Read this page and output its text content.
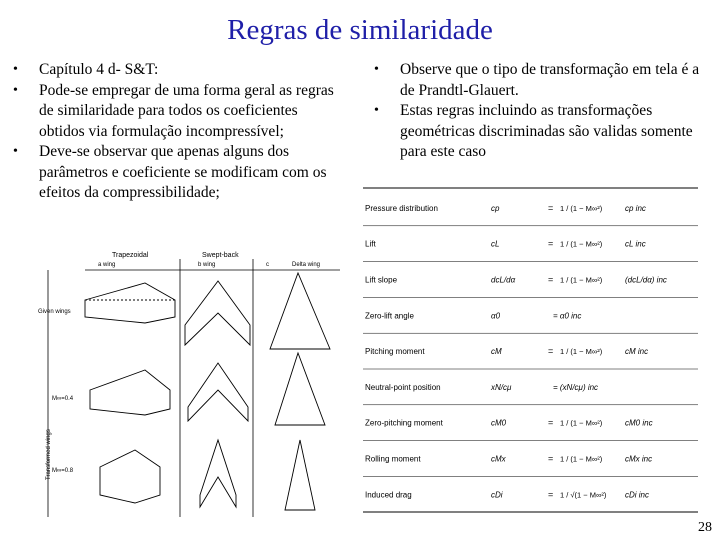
Regras de similaridade
• Capítulo 4 d- S&T:
• Pode-se empregar de uma forma geral as regras de similaridade para todos os coeficientes obtidos via formulação incompressível;
• Deve-se observar que apenas alguns dos parâmetros e coeficiente se modificam com os efeitos da compressibilidade;
• Observe que o tipo de transformação em tela é a de Prandtl-Glauert.
• Estas regras incluindo as transformações geométricas discriminadas são validas somente para este caso
Trapezoidal	Swept-back
a wing	b wing	c	Delta wing
Given wings
Transformed wings
M∞=0.4
M∞=0.8
Pressure distribution	cp	= 1 / (1 − M∞²)	cp inc
Lift	cL	= 1 / (1 − M∞²)	cL inc
Lift slope	dcL/dα	= 1 / (1 − M∞²)	(dcL/dα) inc
Zero-lift angle	α0	= α0 inc
Pitching moment	cM	= 1 / (1 − M∞²)	cM inc
Neutral-point position	xN/cμ	= (xN/cμ) inc
Zero-pitching moment	cM0	= 1 / (1 − M∞²)	cM0 inc
Rolling moment	cMx	= 1 / (1 − M∞²)	cMx inc
Induced drag	cDi	= 1 / √(1 − M∞²) cDi inc
28
